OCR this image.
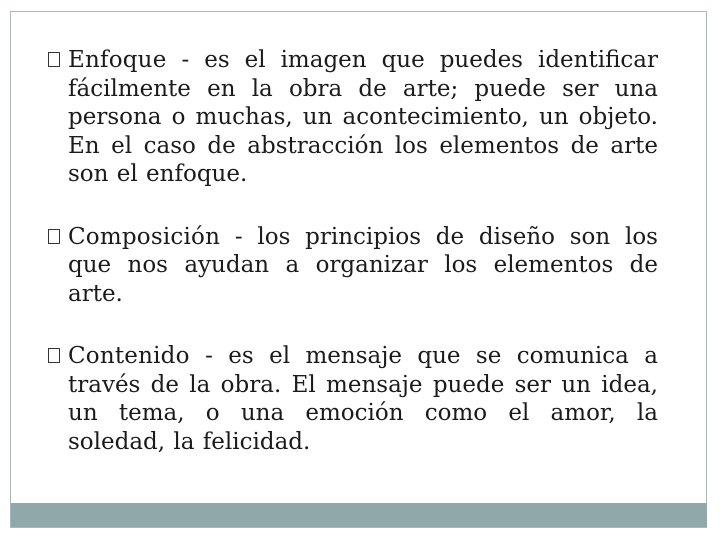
Enfoque - es el imagen que puedes identificar fácilmente en la obra de arte; puede ser una persona o muchas, un acontecimiento, un objeto. En el caso de abstracción los elementos de arte son el enfoque.

Composición - los principios de diseño son los que nos ayudan a organizar los elementos de arte.

Contenido - es el mensaje que se comunica a través de la obra. El mensaje puede ser un idea, un tema, o una emoción como el amor, la soledad, la felicidad.
